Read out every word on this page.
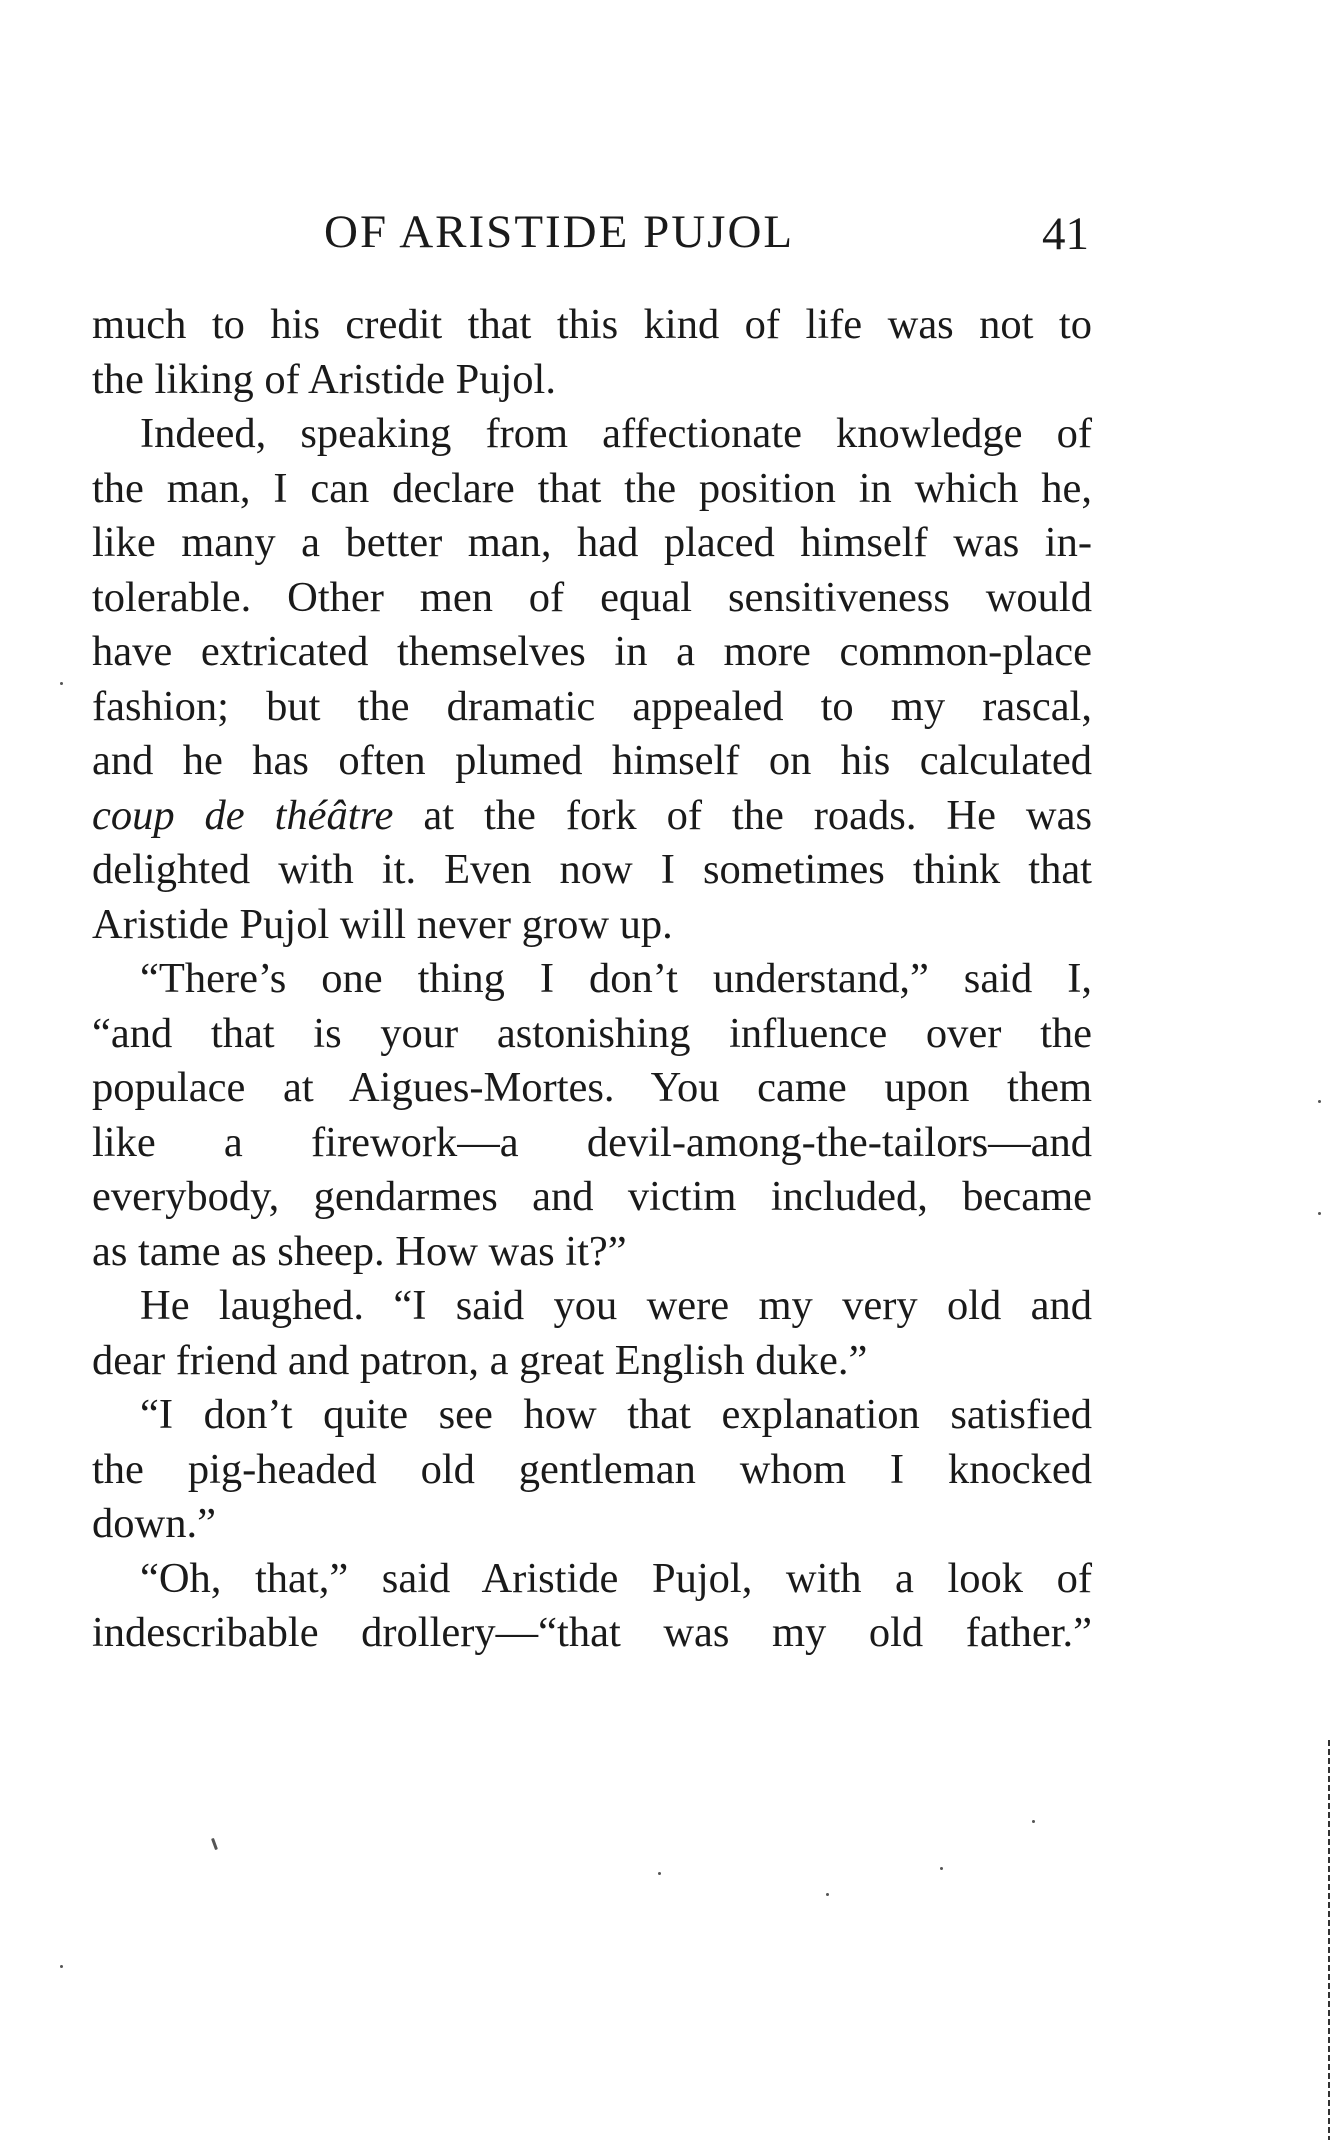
OF ARISTIDE PUJOL	41
much to his credit that this kind of life was not to
the liking of Aristide Pujol.
Indeed, speaking from affectionate knowledge of
the man, I can declare that the position in which he,
like many a better man, had placed himself was in-
tolerable. Other men of equal sensitiveness would
have extricated themselves in a more common-place
fashion; but the dramatic appealed to my rascal,
and he has often plumed himself on his calculated
coup de théâtre at the fork of the roads. He was
delighted with it. Even now I sometimes think that
Aristide Pujol will never grow up.
“There’s one thing I don’t understand,” said I,
“and that is your astonishing influence over the
populace at Aigues-Mortes. You came upon them
like a firework—a devil-among-the-tailors—and
everybody, gendarmes and victim included, became
as tame as sheep. How was it?”
He laughed. “I said you were my very old and
dear friend and patron, a great English duke.”
“I don’t quite see how that explanation satisfied
the pig-headed old gentleman whom I knocked
down.”
“Oh, that,” said Aristide Pujol, with a look of
indescribable drollery—“that was my old father.”
